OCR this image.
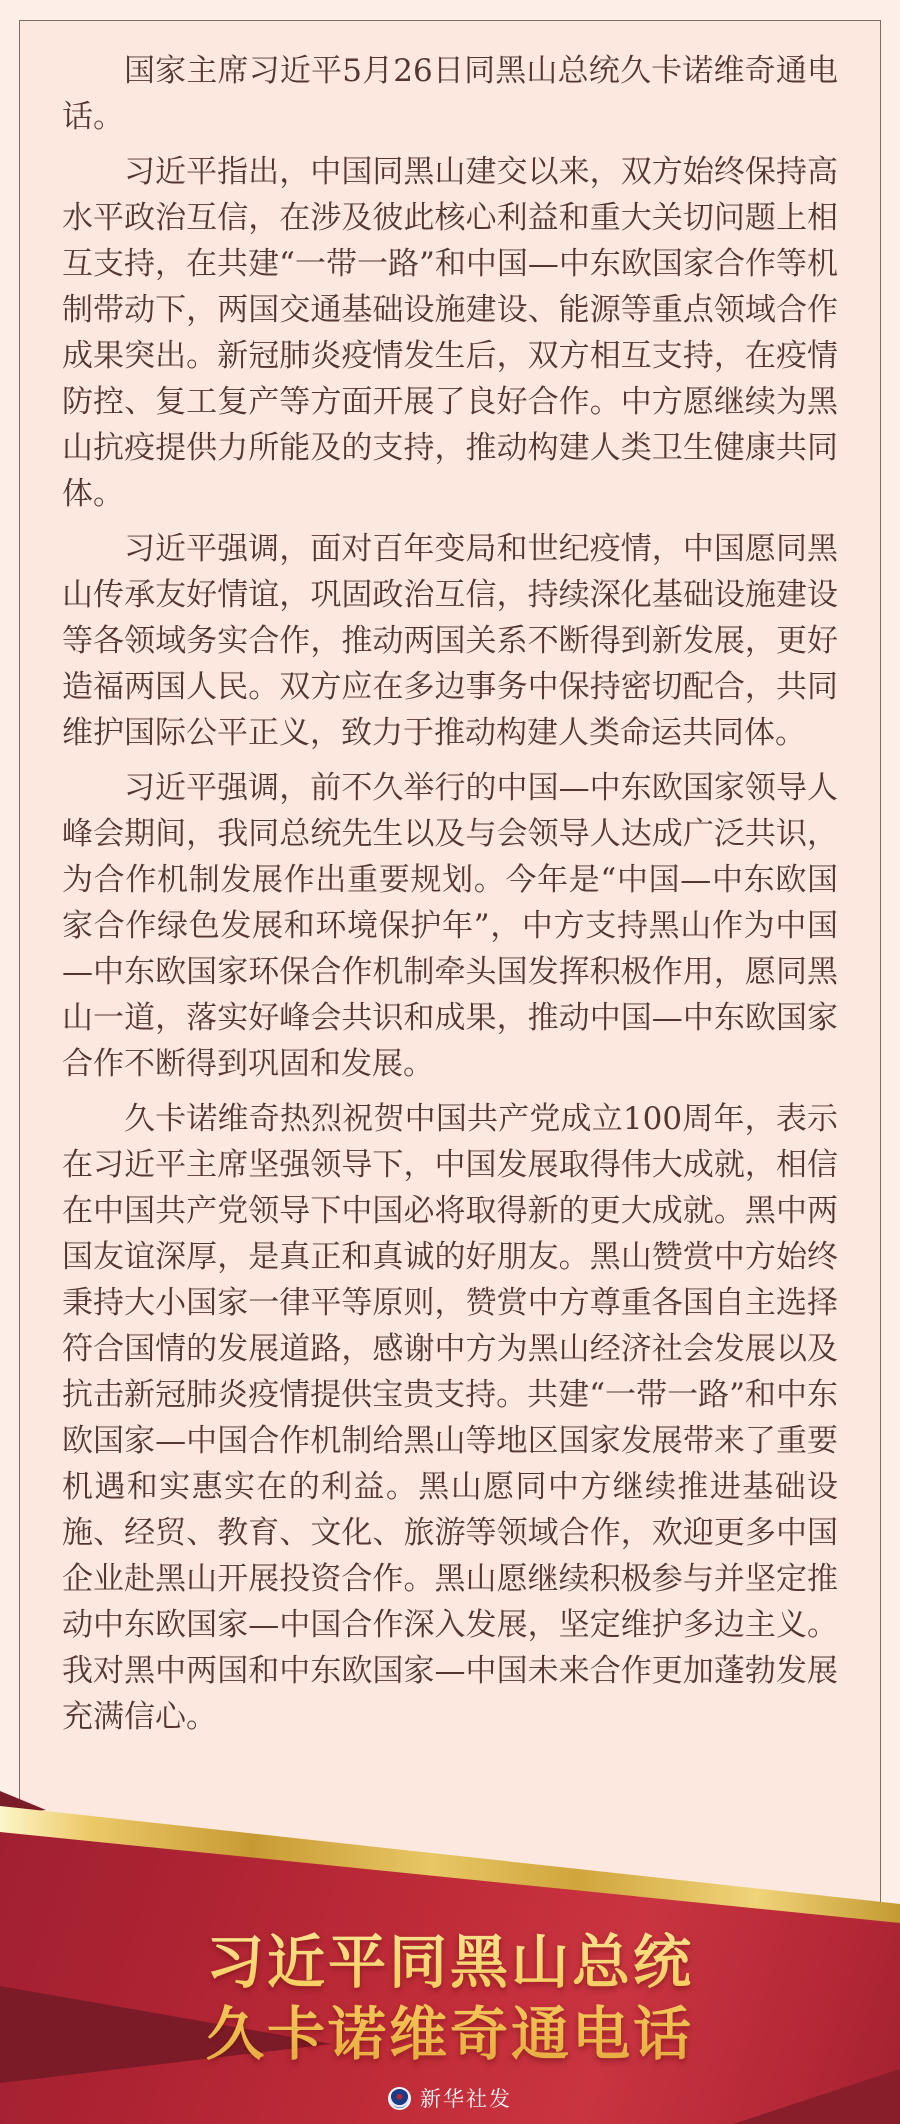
国家主席习近平5月26日同黑山总统久卡诺维奇通电话。

习近平指出，中国同黑山建交以来，双方始终保持高水平政治互信，在涉及彼此核心利益和重大关切问题上相互支持，在共建“一带一路”和中国—中东欧国家合作等机制带动下，两国交通基础设施建设、能源等重点领域合作成果突出。新冠肺炎疫情发生后，双方相互支持，在疫情防控、复工复产等方面开展了良好合作。中方愿继续为黑山抗疫提供力所能及的支持，推动构建人类卫生健康共同体。

习近平强调，面对百年变局和世纪疫情，中国愿同黑山传承友好情谊，巩固政治互信，持续深化基础设施建设等各领域务实合作，推动两国关系不断得到新发展，更好造福两国人民。双方应在多边事务中保持密切配合，共同维护国际公平正义，致力于推动构建人类命运共同体。

习近平强调，前不久举行的中国—中东欧国家领导人峰会期间，我同总统先生以及与会领导人达成广泛共识，为合作机制发展作出重要规划。今年是“中国—中东欧国家合作绿色发展和环境保护年”，中方支持黑山作为中国—中东欧国家环保合作机制牵头国发挥积极作用，愿同黑山一道，落实好峰会共识和成果，推动中国—中东欧国家合作不断得到巩固和发展。

久卡诺维奇热烈祝贺中国共产党成立100周年，表示在习近平主席坚强领导下，中国发展取得伟大成就，相信在中国共产党领导下中国必将取得新的更大成就。黑中两国友谊深厚，是真正和真诚的好朋友。黑山赞赏中方始终秉持大小国家一律平等原则，赞赏中方尊重各国自主选择符合国情的发展道路，感谢中方为黑山经济社会发展以及抗击新冠肺炎疫情提供宝贵支持。共建“一带一路”和中东欧国家—中国合作机制给黑山等地区国家发展带来了重要机遇和实惠实在的利益。黑山愿同中方继续推进基础设施、经贸、教育、文化、旅游等领域合作，欢迎更多中国企业赴黑山开展投资合作。黑山愿继续积极参与并坚定推动中东欧国家—中国合作深入发展，坚定维护多边主义。我对黑中两国和中东欧国家—中国未来合作更加蓬勃发展充满信心。

习近平同黑山总统
久卡诺维奇通电话
新华社发
